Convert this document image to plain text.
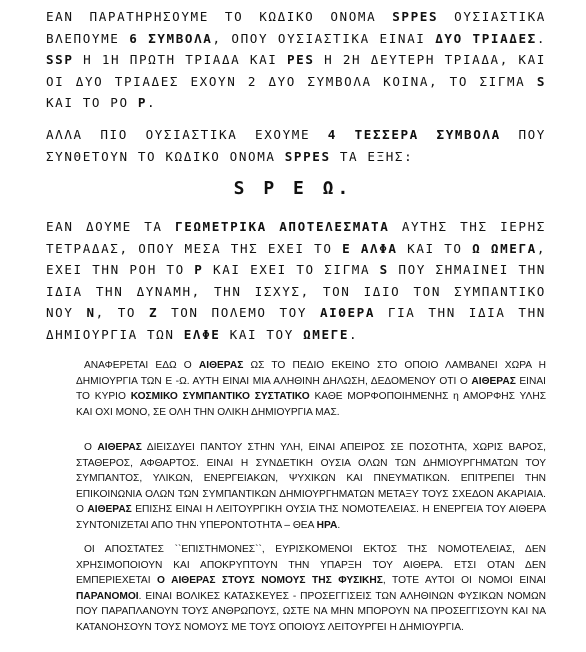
ΕΑΝ ΠΑΡΑΤΗΡΗΣΟΥΜΕ ΤΟ ΚΩΔΙΚΟ ΟΝΟΜΑ SPPES ΟΥΣΙΑΣΤΙΚΑ ΒΛΕΠΟΥΜΕ 6 ΣΥΜΒΟΛΑ, ΟΠΟΥ ΟΥΣΙΑΣΤΙΚΑ ΕΙΝΑΙ ΔΥΟ ΤΡΙΑΔΕΣ. SSP Η 1Η ΠΡΩΤΗ ΤΡΙΑΔΑ ΚΑΙ PES Η 2Η ΔΕΥΤΕΡΗ ΤΡΙΑΔΑ, ΚΑΙ ΟΙ ΔΥΟ ΤΡΙΑΔΕΣ ΕΧΟΥΝ 2 ΔΥΟ ΣΥΜΒΟΛΑ ΚΟΙΝΑ, ΤΟ ΣΙΓΜΑ S ΚΑΙ ΤΟ ΡΟ P.

ΑΛΛΑ ΠΙΟ ΟΥΣΙΑΣΤΙΚΑ ΕΧΟΥΜΕ 4 ΤΕΣΣΕΡΑ ΣΥΜΒΟΛΑ ΠΟΥ ΣΥΝΘΕΤΟΥΝ ΤΟ ΚΩΔΙΚΟ ΟΝΟΜΑ SPPES ΤΑ ΕΞΗΣ:

S P E Ω.

ΕΑΝ ΔΟΥΜΕ ΤΑ ΓΕΩΜΕΤΡΙΚΑ ΑΠΟΤΕΛΕΣΜΑΤΑ ΑΥΤΗΣ ΤΗΣ ΙΕΡΗΣ ΤΕΤΡΑΔΑΣ, ΟΠΟΥ ΜΕΣΑ ΤΗΣ ΕΧΕΙ ΤΟ Ε ΑΛΦΑ ΚΑΙ ΤΟ Ω ΩΜΕΓΑ, ΕΧΕΙ ΤΗΝ ΡΟΗ ΤΟ P ΚΑΙ ΕΧΕΙ ΤΟ ΣΙΓΜΑ S ΠΟΥ ΣΗΜΑΙΝΕΙ ΤΗΝ ΙΔΙΑ ΤΗΝ ΔΥΝΑΜΗ, ΤΗΝ ΙΣΧΥΣ, ΤΟΝ ΙΔΙΟ ΤΟΝ ΣΥΜΠΑΝΤΙΚΟ ΝΟΥ Ν, ΤΟ Ζ ΤΟΝ ΠΟΛΕΜΟ ΤΟΥ ΑΙΘΕΡΑ ΓΙΑ ΤΗΝ ΙΔΙΑ ΤΗΝ ΔΗΜΙΟΥΡΓΙΑ ΤΩΝ ΕΛΦΕ ΚΑΙ ΤΟΥ ΩΜΕΓΕ.

ΑΝΑΦΕΡΕΤΑΙ ΕΔΩ Ο ΑΙΘΕΡΑΣ ΩΣ ΤΟ ΠΕΔΙΟ ΕΚΕΙΝΟ ΣΤΟ ΟΠΟΙΟ ΛΑΜΒΑΝΕΙ ΧΩΡΑ Η ΔΗΜΙΟΥΡΓΙΑ ΤΩΝ Ε -Ω. ΑΥΤΗ ΕΙΝΑΙ ΜΙΑ ΑΛΗΘΙΝΗ ΔΗΛΩΣΗ, ΔΕΔΟΜΕΝΟΥ ΟΤΙ Ο ΑΙΘΕΡΑΣ ΕΙΝΑΙ ΤΟ ΚΥΡΙΟ ΚΟΣΜΙΚΟ ΣΥΜΠΑΝΤΙΚΟ ΣΥΣΤΑΤΙΚΟ ΚΑΘΕ ΜΟΡΦΟΠΟΙΗΜΕΝΗΣ η ΑΜΟΡΦΗΣ ΥΛΗΣ ΚΑΙ ΟΧΙ ΜΟΝΟ, ΣΕ ΟΛΗ ΤΗΝ ΟΛΙΚΗ ΔΗΜΙΟΥΡΓΙΑ ΜΑΣ.

Ο ΑΙΘΕΡΑΣ ΔΙΕΙΣΔΥΕΙ ΠΑΝΤΟΥ ΣΤΗΝ ΥΛΗ, ΕΙΝΑΙ ΑΠΕΙΡΟΣ ΣΕ ΠΟΣΟΤΗΤΑ, ΧΩΡΙΣ ΒΑΡΟΣ, ΣΤΑΘΕΡΟΣ, ΑΦΘΑΡΤΟΣ. ΕΙΝΑΙ Η ΣΥΝΔΕΤΙΚΗ ΟΥΣΙΑ ΟΛΩΝ ΤΩΝ ΔΗΜΙΟΥΡΓΗΜΑΤΩΝ ΤΟΥ ΣΥΜΠΑΝΤΟΣ, ΥΛΙΚΩΝ, ΕΝΕΡΓΕΙΑΚΩΝ, ΨΥΧΙΚΩΝ ΚΑΙ ΠΝΕΥΜΑΤΙΚΩΝ. ΕΠΙΤΡΕΠΕΙ ΤΗΝ ΕΠΙΚΟΙΝΩΝΙΑ ΟΛΩΝ ΤΩΝ ΣΥΜΠΑΝΤΙΚΩΝ ΔΗΜΙΟΥΡΓΗΜΑΤΩΝ ΜΕΤΑΞΥ ΤΟΥΣ ΣΧΕΔΟΝ ΑΚΑΡΙΑΙΑ. Ο ΑΙΘΕΡΑΣ ΕΠΙΣΗΣ ΕΙΝΑΙ Η ΛΕΙΤΟΥΡΓΙΚΗ ΟΥΣΙΑ ΤΗΣ ΝΟΜΟΤΕΛΕΙΑΣ. Η ΕΝΕΡΓΕΙΑ ΤΟΥ ΑΙΘΕΡΑ ΣΥΝΤΟΝΙΖΕΤΑΙ ΑΠΟ ΤΗΝ ΥΠΕΡΟΝΤΟΤΗΤΑ – ΘΕΑ ΗΡΑ.

ΟΙ ΑΠΟΣΤΑΤΕΣ ``ΕΠΙΣΤΗΜΟΝΕΣ``, ΕΥΡΙΣΚΟΜΕΝΟΙ ΕΚΤΟΣ ΤΗΣ ΝΟΜΟΤΕΛΕΙΑΣ, ΔΕΝ ΧΡΗΣΙΜΟΠΟΙΟΥΝ ΚΑΙ ΑΠΟΚΡΥΠΤΟΥΝ ΤΗΝ ΥΠΑΡΞΗ ΤΟΥ ΑΙΘΕΡΑ. ΕΤΣΙ ΟΤΑΝ ΔΕΝ ΕΜΠΕΡΙΕΧΕΤΑΙ Ο ΑΙΘΕΡΑΣ ΣΤΟΥΣ ΝΟΜΟΥΣ ΤΗΣ ΦΥΣΙΚΗΣ, ΤΟΤΕ ΑΥΤΟΙ ΟΙ ΝΟΜΟΙ ΕΙΝΑΙ ΠΑΡΑΝΟΜΟΙ. ΕΙΝΑΙ ΒΟΛΙΚΕΣ ΚΑΤΑΣΚΕΥΕΣ - ΠΡΟΣΕΓΓΙΣΕΙΣ ΤΩΝ ΑΛΗΘΙΝΩΝ ΦΥΣΙΚΩΝ ΝΟΜΩΝ ΠΟΥ ΠΑΡΑΠΛΑΝΟΥΝ ΤΟΥΣ ΑΝΘΡΩΠΟΥΣ, ΩΣΤΕ ΝΑ ΜΗΝ ΜΠΟΡΟΥΝ ΝΑ ΠΡΟΣΕΓΓΙΣΟΥΝ ΚΑΙ ΝΑ ΚΑΤΑΝΟΗΣΟΥΝ ΤΟΥΣ ΝΟΜΟΥΣ ΜΕ ΤΟΥΣ ΟΠΟΙΟΥΣ ΛΕΙΤΟΥΡΓΕΙ Η ΔΗΜΙΟΥΡΓΙΑ.
